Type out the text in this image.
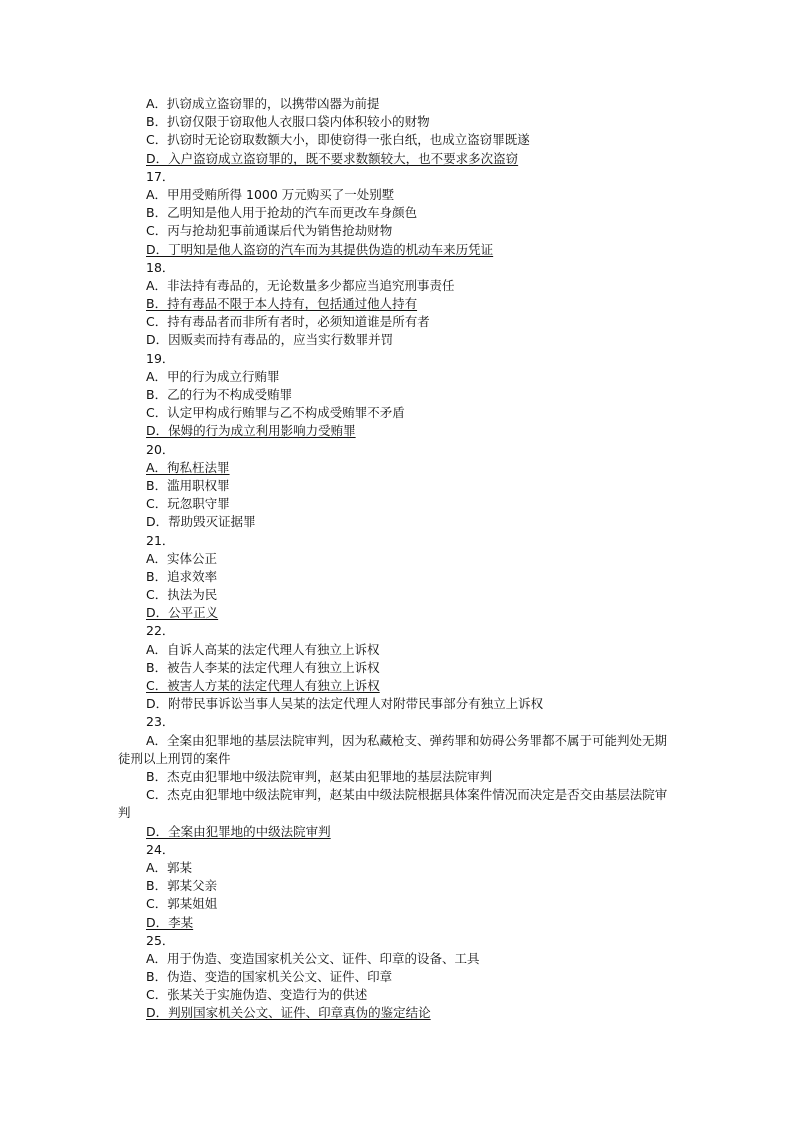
A．扒窃成立盗窃罪的，以携带凶器为前提
B．扒窃仅限于窃取他人衣服口袋内体积较小的财物
C．扒窃时无论窃取数额大小，即使窃得一张白纸，也成立盗窃罪既遂
D．入户盗窃成立盗窃罪的，既不要求数额较大，也不要求多次盗窃
17．
A．甲用受贿所得 1000 万元购买了一处别墅
B．乙明知是他人用于抢劫的汽车而更改车身颜色
C．丙与抢劫犯事前通谋后代为销售抢劫财物
D．丁明知是他人盗窃的汽车而为其提供伪造的机动车来历凭证
18．
A．非法持有毒品的，无论数量多少都应当追究刑事责任
B．持有毒品不限于本人持有，包括通过他人持有
C．持有毒品者而非所有者时，必须知道谁是所有者
D．因贩卖而持有毒品的，应当实行数罪并罚
19．
A．甲的行为成立行贿罪
B．乙的行为不构成受贿罪
C．认定甲构成行贿罪与乙不构成受贿罪不矛盾
D．保姆的行为成立利用影响力受贿罪
20．
A．徇私枉法罪
B．滥用职权罪
C．玩忽职守罪
D．帮助毁灭证据罪
21．
A．实体公正
B．追求效率
C．执法为民
D．公平正义
22．
A．自诉人高某的法定代理人有独立上诉权
B．被告人李某的法定代理人有独立上诉权
C．被害人方某的法定代理人有独立上诉权
D．附带民事诉讼当事人吴某的法定代理人对附带民事部分有独立上诉权
23．
A．全案由犯罪地的基层法院审判，因为私藏枪支、弹药罪和妨碍公务罪都不属于可能判处无期徒刑以上刑罚的案件
B．杰克由犯罪地中级法院审判，赵某由犯罪地的基层法院审判
C．杰克由犯罪地中级法院审判，赵某由中级法院根据具体案件情况而决定是否交由基层法院审判
D．全案由犯罪地的中级法院审判
24．
A．郭某
B．郭某父亲
C．郭某姐姐
D．李某
25．
A．用于伪造、变造国家机关公文、证件、印章的设备、工具
B．伪造、变造的国家机关公文、证件、印章
C．张某关于实施伪造、变造行为的供述
D．判别国家机关公文、证件、印章真伪的鉴定结论
